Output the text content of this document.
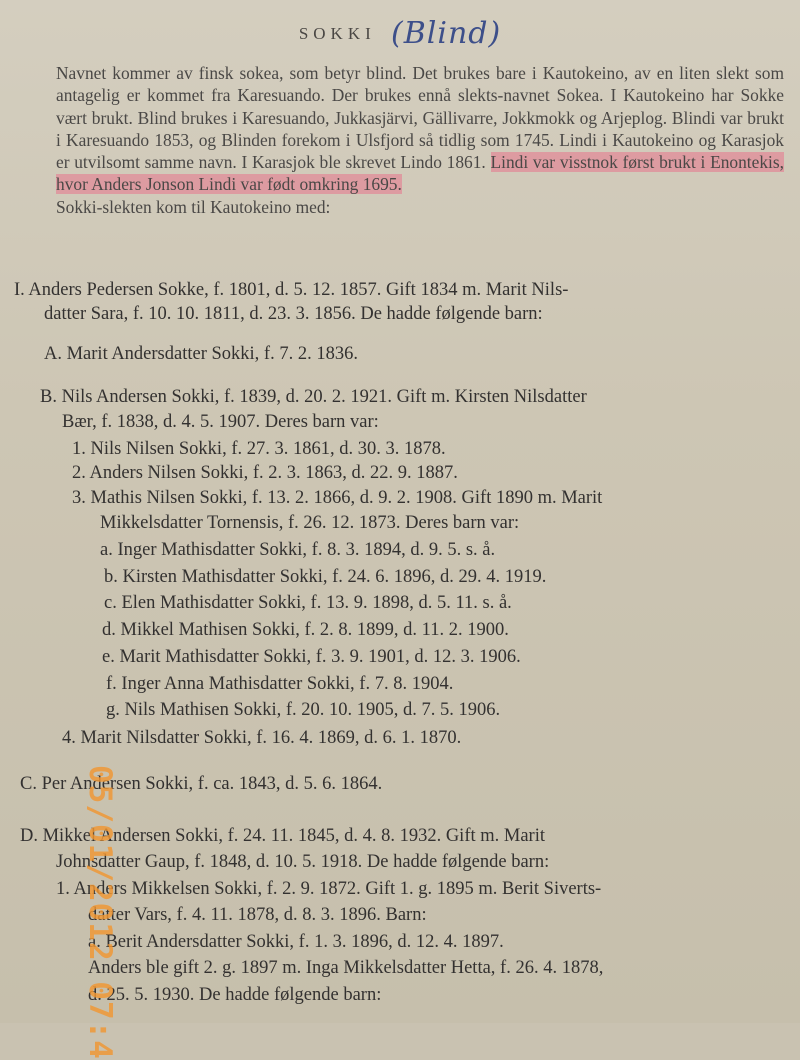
SOKKI (Blind)
Navnet kommer av finsk sokea, som betyr blind. Det brukes bare i Kautokeino, av en liten slekt som antagelig er kommet fra Karesuando. Der brukes ennå slekts-navnet Sokea. I Kautokeino har Sokke vært brukt. Blind brukes i Karesuando, Jukkasjärvi, Gällivarre, Jokkmokk og Arjeplog. Blindi var brukt i Karesuando 1853, og Blinden forekom i Ulsfjord så tidlig som 1745. Lindi i Kautokeino og Karasjok er utvilsomt samme navn. I Karasjok ble skrevet Lindo 1861. Lindi var visstnok først brukt i Enontekis, hvor Anders Jonson Lindi var født omkring 1695.
Sokki-slekten kom til Kautokeino med:
I. Anders Pedersen Sokke, f. 1801, d. 5. 12. 1857. Gift 1834 m. Marit Nils-
datter Sara, f. 10. 10. 1811, d. 23. 3. 1856. De hadde følgende barn:
A. Marit Andersdatter Sokki, f. 7. 2. 1836.
B. Nils Andersen Sokki, f. 1839, d. 20. 2. 1921. Gift m. Kirsten Nilsdatter
Bær, f. 1838, d. 4. 5. 1907. Deres barn var:
1. Nils Nilsen Sokki, f. 27. 3. 1861, d. 30. 3. 1878.
2. Anders Nilsen Sokki, f. 2. 3. 1863, d. 22. 9. 1887.
3. Mathis Nilsen Sokki, f. 13. 2. 1866, d. 9. 2. 1908. Gift 1890 m. Marit
Mikkelsdatter Tornensis, f. 26. 12. 1873. Deres barn var:
a. Inger Mathisdatter Sokki, f. 8. 3. 1894, d. 9. 5. s. å.
b. Kirsten Mathisdatter Sokki, f. 24. 6. 1896, d. 29. 4. 1919.
c. Elen Mathisdatter Sokki, f. 13. 9. 1898, d. 5. 11. s. å.
d. Mikkel Mathisen Sokki, f. 2. 8. 1899, d. 11. 2. 1900.
e. Marit Mathisdatter Sokki, f. 3. 9. 1901, d. 12. 3. 1906.
f. Inger Anna Mathisdatter Sokki, f. 7. 8. 1904.
g. Nils Mathisen Sokki, f. 20. 10. 1905, d. 7. 5. 1906.
4. Marit Nilsdatter Sokki, f. 16. 4. 1869, d. 6. 1. 1870.
C. Per Andersen Sokki, f. ca. 1843, d. 5. 6. 1864.
D. Mikkel Andersen Sokki, f. 24. 11. 1845, d. 4. 8. 1932. Gift m. Marit
Johnsdatter Gaup, f. 1848, d. 10. 5. 1918. De hadde følgende barn:
1. Anders Mikkelsen Sokki, f. 2. 9. 1872. Gift 1. g. 1895 m. Berit Siverts-
datter Vars, f. 4. 11. 1878, d. 8. 3. 1896. Barn:
a. Berit Andersdatter Sokki, f. 1. 3. 1896, d. 12. 4. 1897.
Anders ble gift 2. g. 1897 m. Inga Mikkelsdatter Hetta, f. 26. 4. 1878,
d. 25. 5. 1930. De hadde følgende barn:
05/01/2012 07:4
